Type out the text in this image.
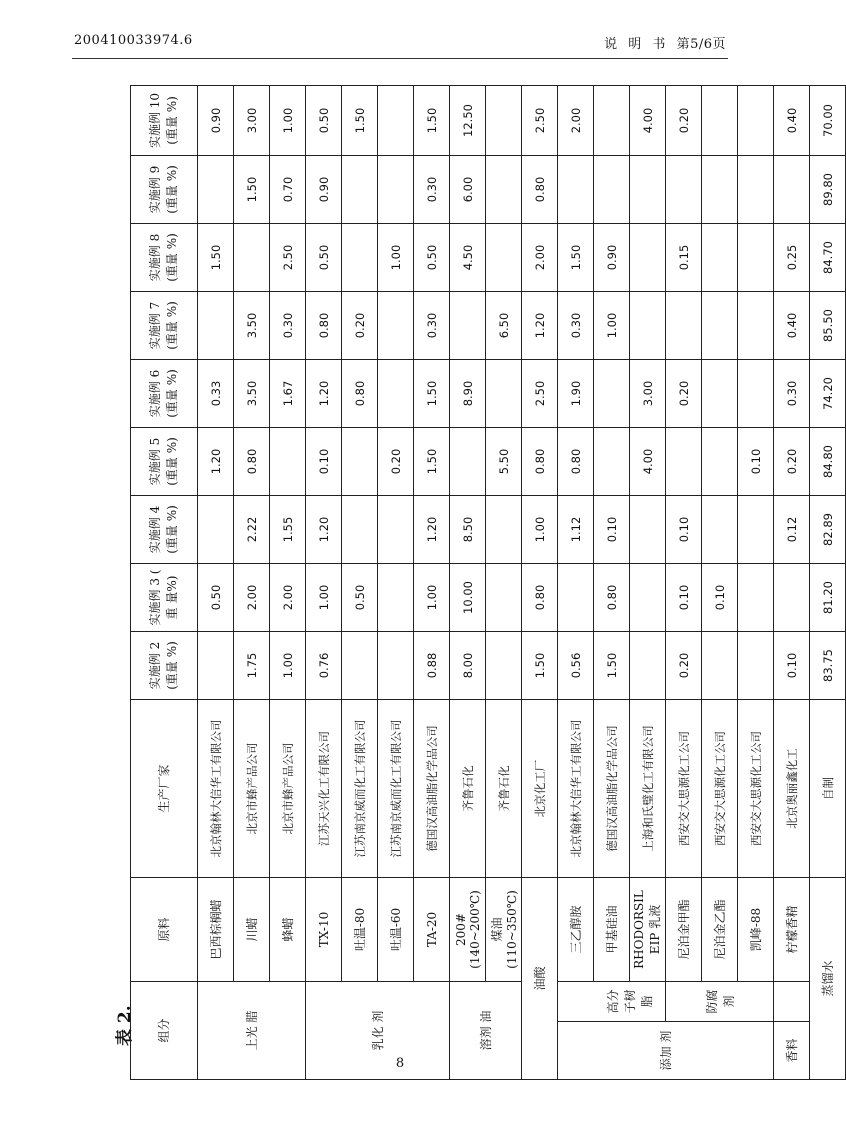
200410033974.6	说 明 书 第5/6页
表 2. 组分		原料	生产厂家	实施例 2 (重量 %)	实施例 3 ( 重 量%)	实施例 4 (重量 %)	实施例 5 (重量 %)	实施例 6 (重量 %)	实施例 7 (重量 %)	实施例 8 (重量 %)	实施例 9 (重量 %)	实施例 10 (重量 %)
上光 腊		巴西棕榈蜡	北京翰林大信华工有限公司		0.50		1.20	0.33		1.50		0.90
		川蜡	北京市蜂产品公司	1.75	2.00	2.22	0.80	3.50	3.50		1.50	3.00
		蜂蜡	北京市蜂产品公司	1.00	2.00	1.55		1.67	0.30	2.50	0.70	1.00
乳化 剂		TX-10	江苏天兴化工有限公司	0.76	1.00	1.20	0.10	1.20	0.80	0.50	0.90	0.50
		吐温-80	江苏南京威而化工有限公司		0.50			0.80	0.20			1.50
		吐温-60	江苏南京威而化工有限公司				0.20			1.00		
		TA-20	德国汉高油脂化学品公司	0.88	1.00	1.20	1.50	1.50	0.30	0.50	0.30	1.50
溶剂 油		200#(140~200℃)	齐鲁石化	8.00	10.00	8.50		8.90		4.50	6.00	12.50
		煤油 (110~350℃)	齐鲁石化				5.50		6.50			
油酸			北京化工厂	1.50	0.80	1.00	0.80	2.50	1.20	2.00	0.80	2.50
添加 剂		三乙醇胺	北京翰林大信华工有限公司	0.56		1.12	0.80	1.90	0.30	1.50		2.00
	高分 子树 脂	甲基硅油	德国汉高油脂化学品公司	1.50	0.80	0.10			1.00	0.90		
		RHODORSIL EIP 乳液	上海和氏璧化工有限公司				4.00	3.00				4.00
	防腐 剂	尼泊金甲酯	西安交大思源化工公司	0.20	0.10	0.10		0.20		0.15		0.20
		尼泊金乙酯	西安交大思源化工公司		0.10							
		凯峰-88	西安交大思源化工公司				0.10					
香料		柠檬香精	北京奥丽鑫化工	0.10		0.12	0.20	0.30	0.40	0.25		0.40
蒸馏水			自制	83.75	81.20	82.89	84.80	74.20	85.50	84.70	89.80	70.00
8
